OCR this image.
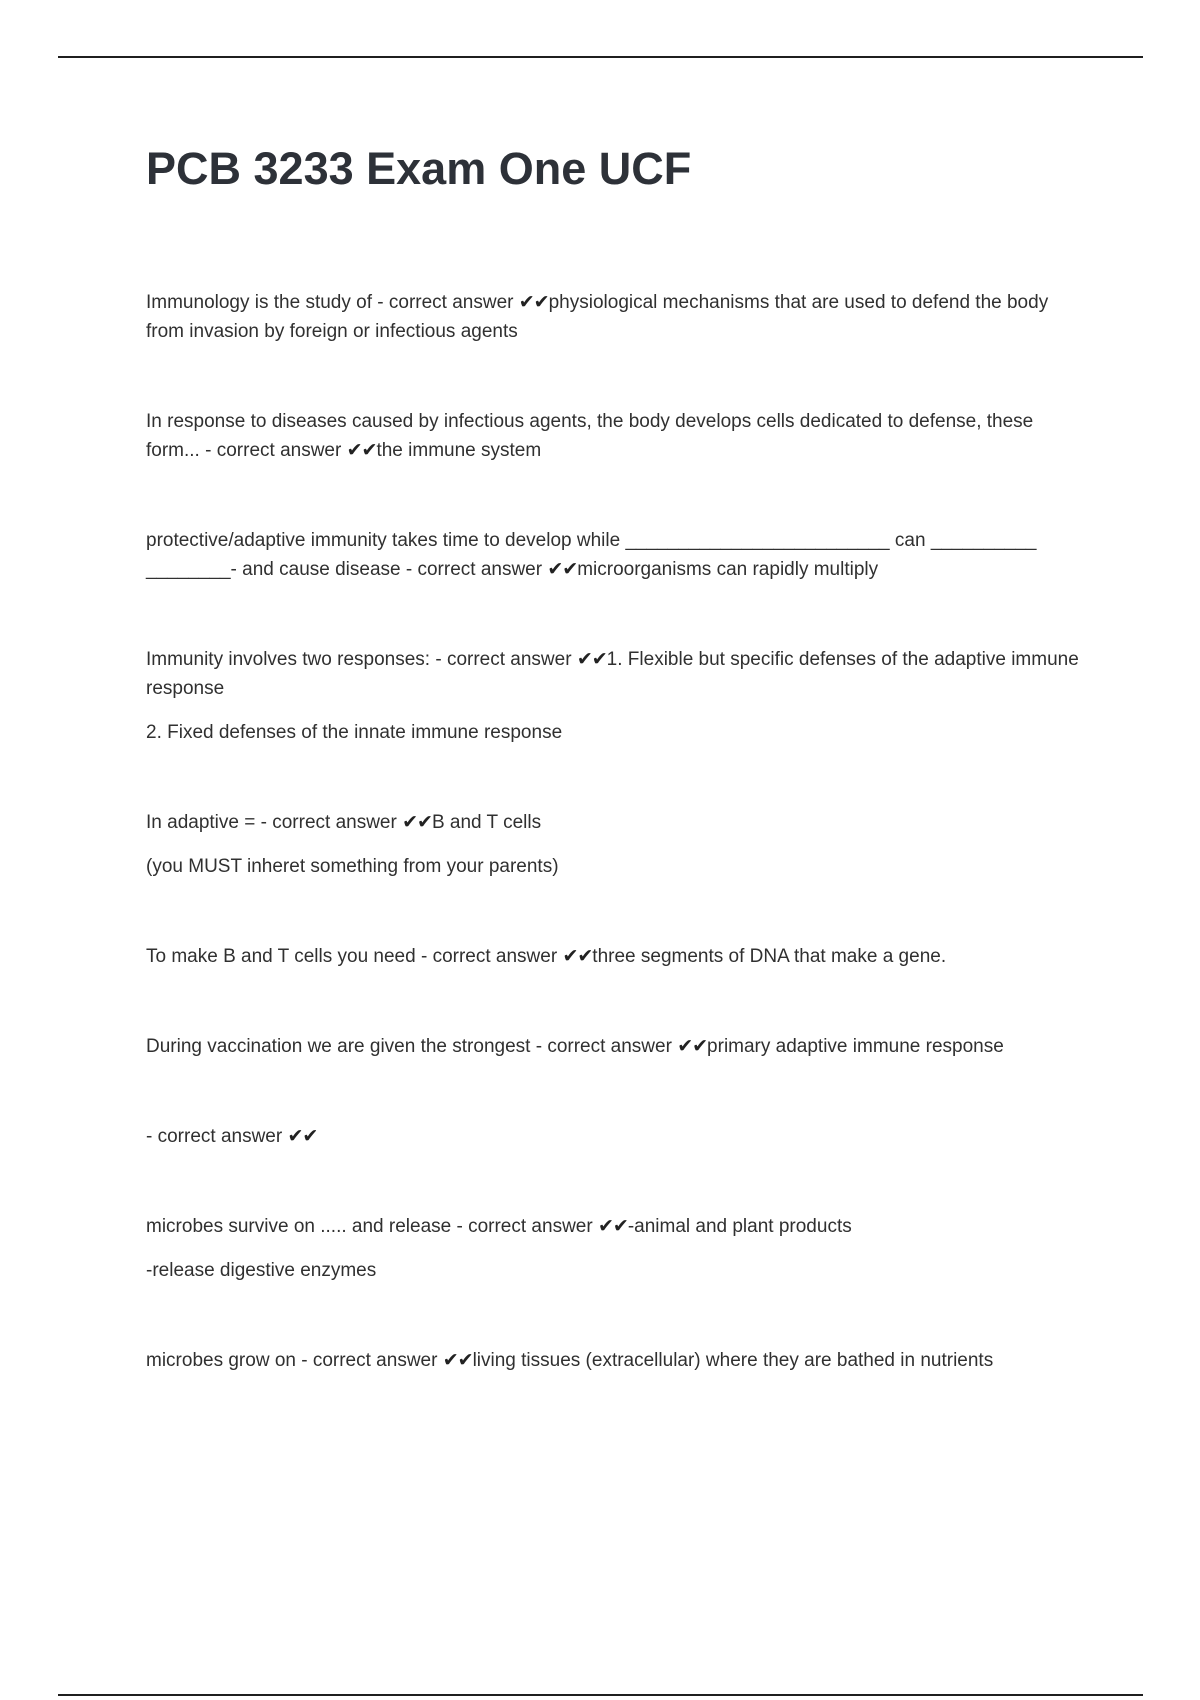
PCB 3233 Exam One UCF

Immunology is the study of - correct answer ✔✔physiological mechanisms that are used to defend the body from invasion by foreign or infectious agents

In response to diseases caused by infectious agents, the body develops cells dedicated to defense, these form... - correct answer ✔✔the immune system

protective/adaptive immunity takes time to develop while _________________________ can __________ ________- and cause disease - correct answer ✔✔microorganisms can rapidly multiply

Immunity involves two responses: - correct answer ✔✔1. Flexible but specific defenses of the adaptive immune response
2. Fixed defenses of the innate immune response

In adaptive = - correct answer ✔✔B and T cells
(you MUST inheret something from your parents)

To make B and T cells you need - correct answer ✔✔three segments of DNA that make a gene.

During vaccination we are given the strongest - correct answer ✔✔primary adaptive immune response

- correct answer ✔✔

microbes survive on ..... and release - correct answer ✔✔-animal and plant products
-release digestive enzymes

microbes grow on - correct answer ✔✔living tissues (extracellular) where they are bathed in nutrients
